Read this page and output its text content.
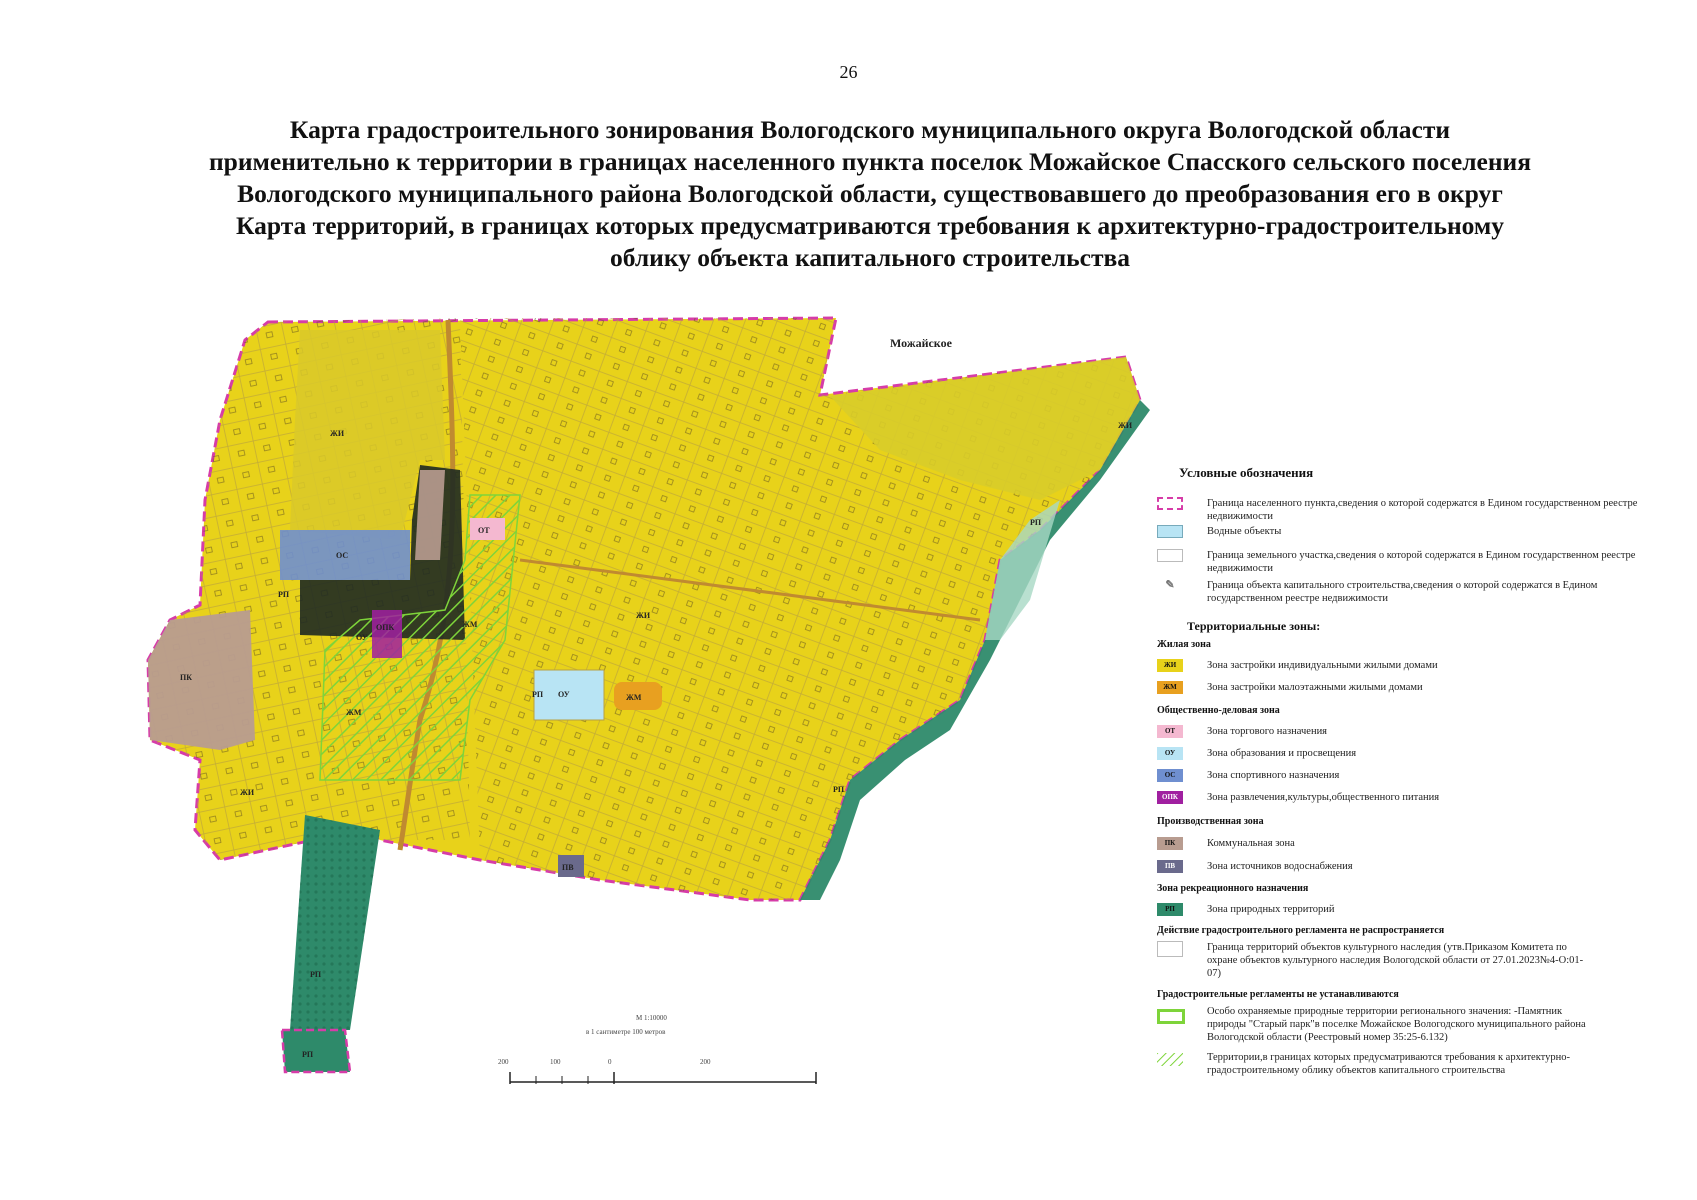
26
Карта градостроительного зонирования Вологодского муниципального округа Вологодской области
применительно к территории в границах населенного пункта поселок Можайское Спасского сельского поселения
Вологодского муниципального района Вологодской области, существовавшего до преобразования его в округ
Карта территорий, в границах которых предусматриваются требования к архитектурно-градостроительному
облику объекта капитального строительства
ЖИ
ЖИ
ЖИ
ЖИ
ОС
ОТ
ОПК
ОУ
ОУ
ЖМ
ЖМ
ЖМ
ПК
ПВ
РП
РП
РП
РП
РП
РП
Можайское
Условные обозначения
Граница населенного пункта,сведения о которой содержатся в Едином государственном реестре недвижимости
Водные объекты
Граница земельного участка,сведения о которой содержатся в Едином государственном реестре недвижимости
✎	Граница объекта капитального строительства,сведения о которой содержатся в Едином государственном реестре недвижимости
Территориальные зоны:
Жилая зона
ЖИ	Зона застройки индивидуальными жилыми домами
ЖМ	Зона застройки малоэтажными жилыми домами
Общественно-деловая зона
ОТ	Зона торгового назначения
ОУ	Зона образования и просвещения
ОС	Зона спортивного назначения
ОПК	Зона развлечения,культуры,общественного питания
Производственная зона
ПК	Коммунальная зона
ПВ	Зона источников водоснабжения
Зона рекреационного назначения
РП	Зона природных территорий
Действие градостроительного регламента не распространяется
Граница территорий объектов культурного наследия (утв.Приказом Комитета по охране объектов культурного наследия Вологодской области от 27.01.2023№4-О:01-07)
Градостроительные регламенты не устанавливаются
Особо охраняемые природные территории регионального значения: -Памятник природы "Старый парк"в поселке Можайское Вологодского муниципального района Вологодской области (Реестровый номер 35:25-6.132)
Территории,в границах которых предусматриваются требования к архитектурно-градостроительному облику объектов капитального строительства
М 1:10000
в 1 сантиметре 100 метров
200	100	0	200
